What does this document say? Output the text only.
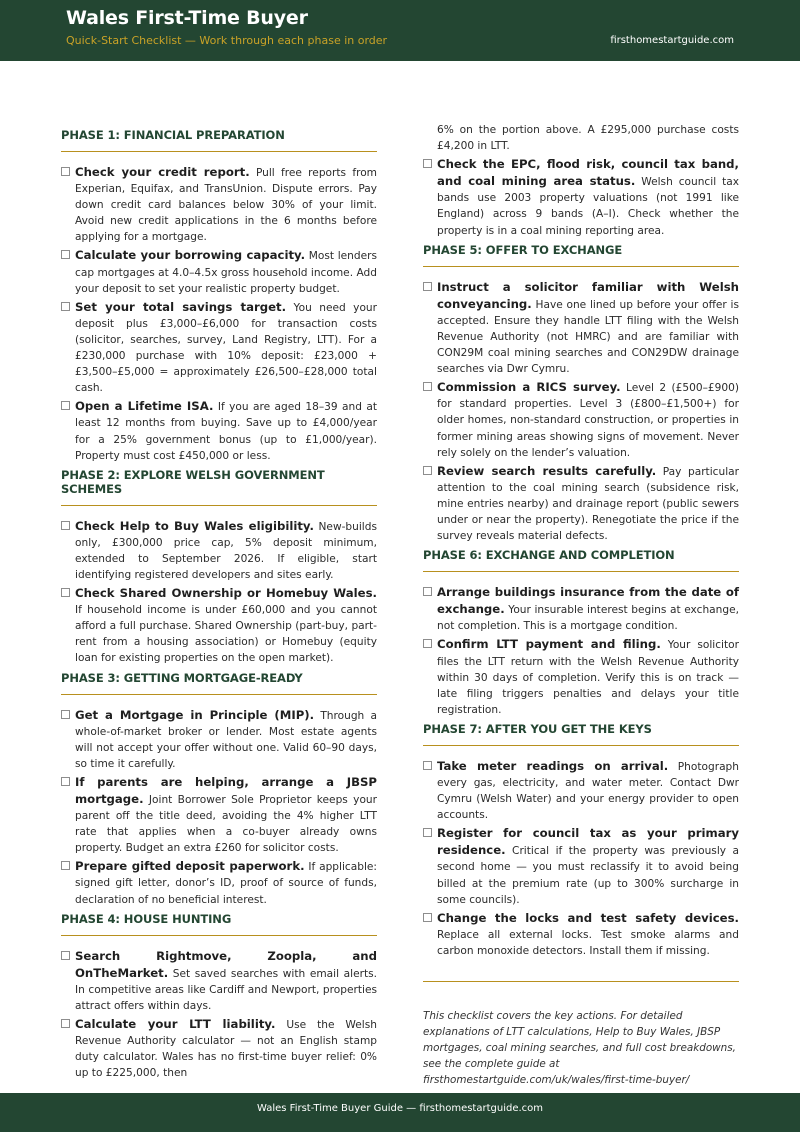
Wales First-Time Buyer
Quick-Start Checklist — Work through each phase in order	firsthomestartguide.com
PHASE 1: FINANCIAL PREPARATION
Check your credit report. Pull free reports from Experian, Equifax, and TransUnion. Dispute errors. Pay down credit card balances below 30% of your limit. Avoid new credit applications in the 6 months before applying for a mortgage.
Calculate your borrowing capacity. Most lenders cap mortgages at 4.0–4.5x gross household income. Add your deposit to set your realistic property budget.
Set your total savings target. You need your deposit plus £3,000–£6,000 for transaction costs (solicitor, searches, survey, Land Registry, LTT). For a £230,000 purchase with 10% deposit: £23,000 + £3,500–£5,000 = approximately £26,500–£28,000 total cash.
Open a Lifetime ISA. If you are aged 18–39 and at least 12 months from buying. Save up to £4,000/year for a 25% government bonus (up to £1,000/year). Property must cost £450,000 or less.
PHASE 2: EXPLORE WELSH GOVERNMENT SCHEMES
Check Help to Buy Wales eligibility. New-builds only, £300,000 price cap, 5% deposit minimum, extended to September 2026. If eligible, start identifying registered developers and sites early.
Check Shared Ownership or Homebuy Wales. If household income is under £60,000 and you cannot afford a full purchase. Shared Ownership (part-buy, part-rent from a housing association) or Homebuy (equity loan for existing properties on the open market).
PHASE 3: GETTING MORTGAGE-READY
Get a Mortgage in Principle (MIP). Through a whole-of-market broker or lender. Most estate agents will not accept your offer without one. Valid 60–90 days, so time it carefully.
If parents are helping, arrange a JBSP mortgage. Joint Borrower Sole Proprietor keeps your parent off the title deed, avoiding the 4% higher LTT rate that applies when a co-buyer already owns property. Budget an extra £260 for solicitor costs.
Prepare gifted deposit paperwork. If applicable: signed gift letter, donor’s ID, proof of source of funds, declaration of no beneficial interest.
PHASE 4: HOUSE HUNTING
Search Rightmove, Zoopla, and OnTheMarket. Set saved searches with email alerts. In competitive areas like Cardiff and Newport, properties attract offers within days.
Calculate your LTT liability. Use the Welsh Revenue Authority calculator — not an English stamp duty calculator. Wales has no first-time buyer relief: 0% up to £225,000, then
6% on the portion above. A £295,000 purchase costs £4,200 in LTT.
Check the EPC, flood risk, council tax band, and coal mining area status. Welsh council tax bands use 2003 property valuations (not 1991 like England) across 9 bands (A–I). Check whether the property is in a coal mining reporting area.
PHASE 5: OFFER TO EXCHANGE
Instruct a solicitor familiar with Welsh conveyancing. Have one lined up before your offer is accepted. Ensure they handle LTT filing with the Welsh Revenue Authority (not HMRC) and are familiar with CON29M coal mining searches and CON29DW drainage searches via Dwr Cymru.
Commission a RICS survey. Level 2 (£500–£900) for standard properties. Level 3 (£800–£1,500+) for older homes, non-standard construction, or properties in former mining areas showing signs of movement. Never rely solely on the lender’s valuation.
Review search results carefully. Pay particular attention to the coal mining search (subsidence risk, mine entries nearby) and drainage report (public sewers under or near the property). Renegotiate the price if the survey reveals material defects.
PHASE 6: EXCHANGE AND COMPLETION
Arrange buildings insurance from the date of exchange. Your insurable interest begins at exchange, not completion. This is a mortgage condition.
Confirm LTT payment and filing. Your solicitor files the LTT return with the Welsh Revenue Authority within 30 days of completion. Verify this is on track — late filing triggers penalties and delays your title registration.
PHASE 7: AFTER YOU GET THE KEYS
Take meter readings on arrival. Photograph every gas, electricity, and water meter. Contact Dwr Cymru (Welsh Water) and your energy provider to open accounts.
Register for council tax as your primary residence. Critical if the property was previously a second home — you must reclassify it to avoid being billed at the premium rate (up to 300% surcharge in some councils).
Change the locks and test safety devices. Replace all external locks. Test smoke alarms and carbon monoxide detectors. Install them if missing.
This checklist covers the key actions. For detailed explanations of LTT calculations, Help to Buy Wales, JBSP mortgages, coal mining searches, and full cost breakdowns, see the complete guide at firsthomestartguide.com/uk/wales/first-time-buyer/
Wales First-Time Buyer Guide — firsthomestartguide.com
